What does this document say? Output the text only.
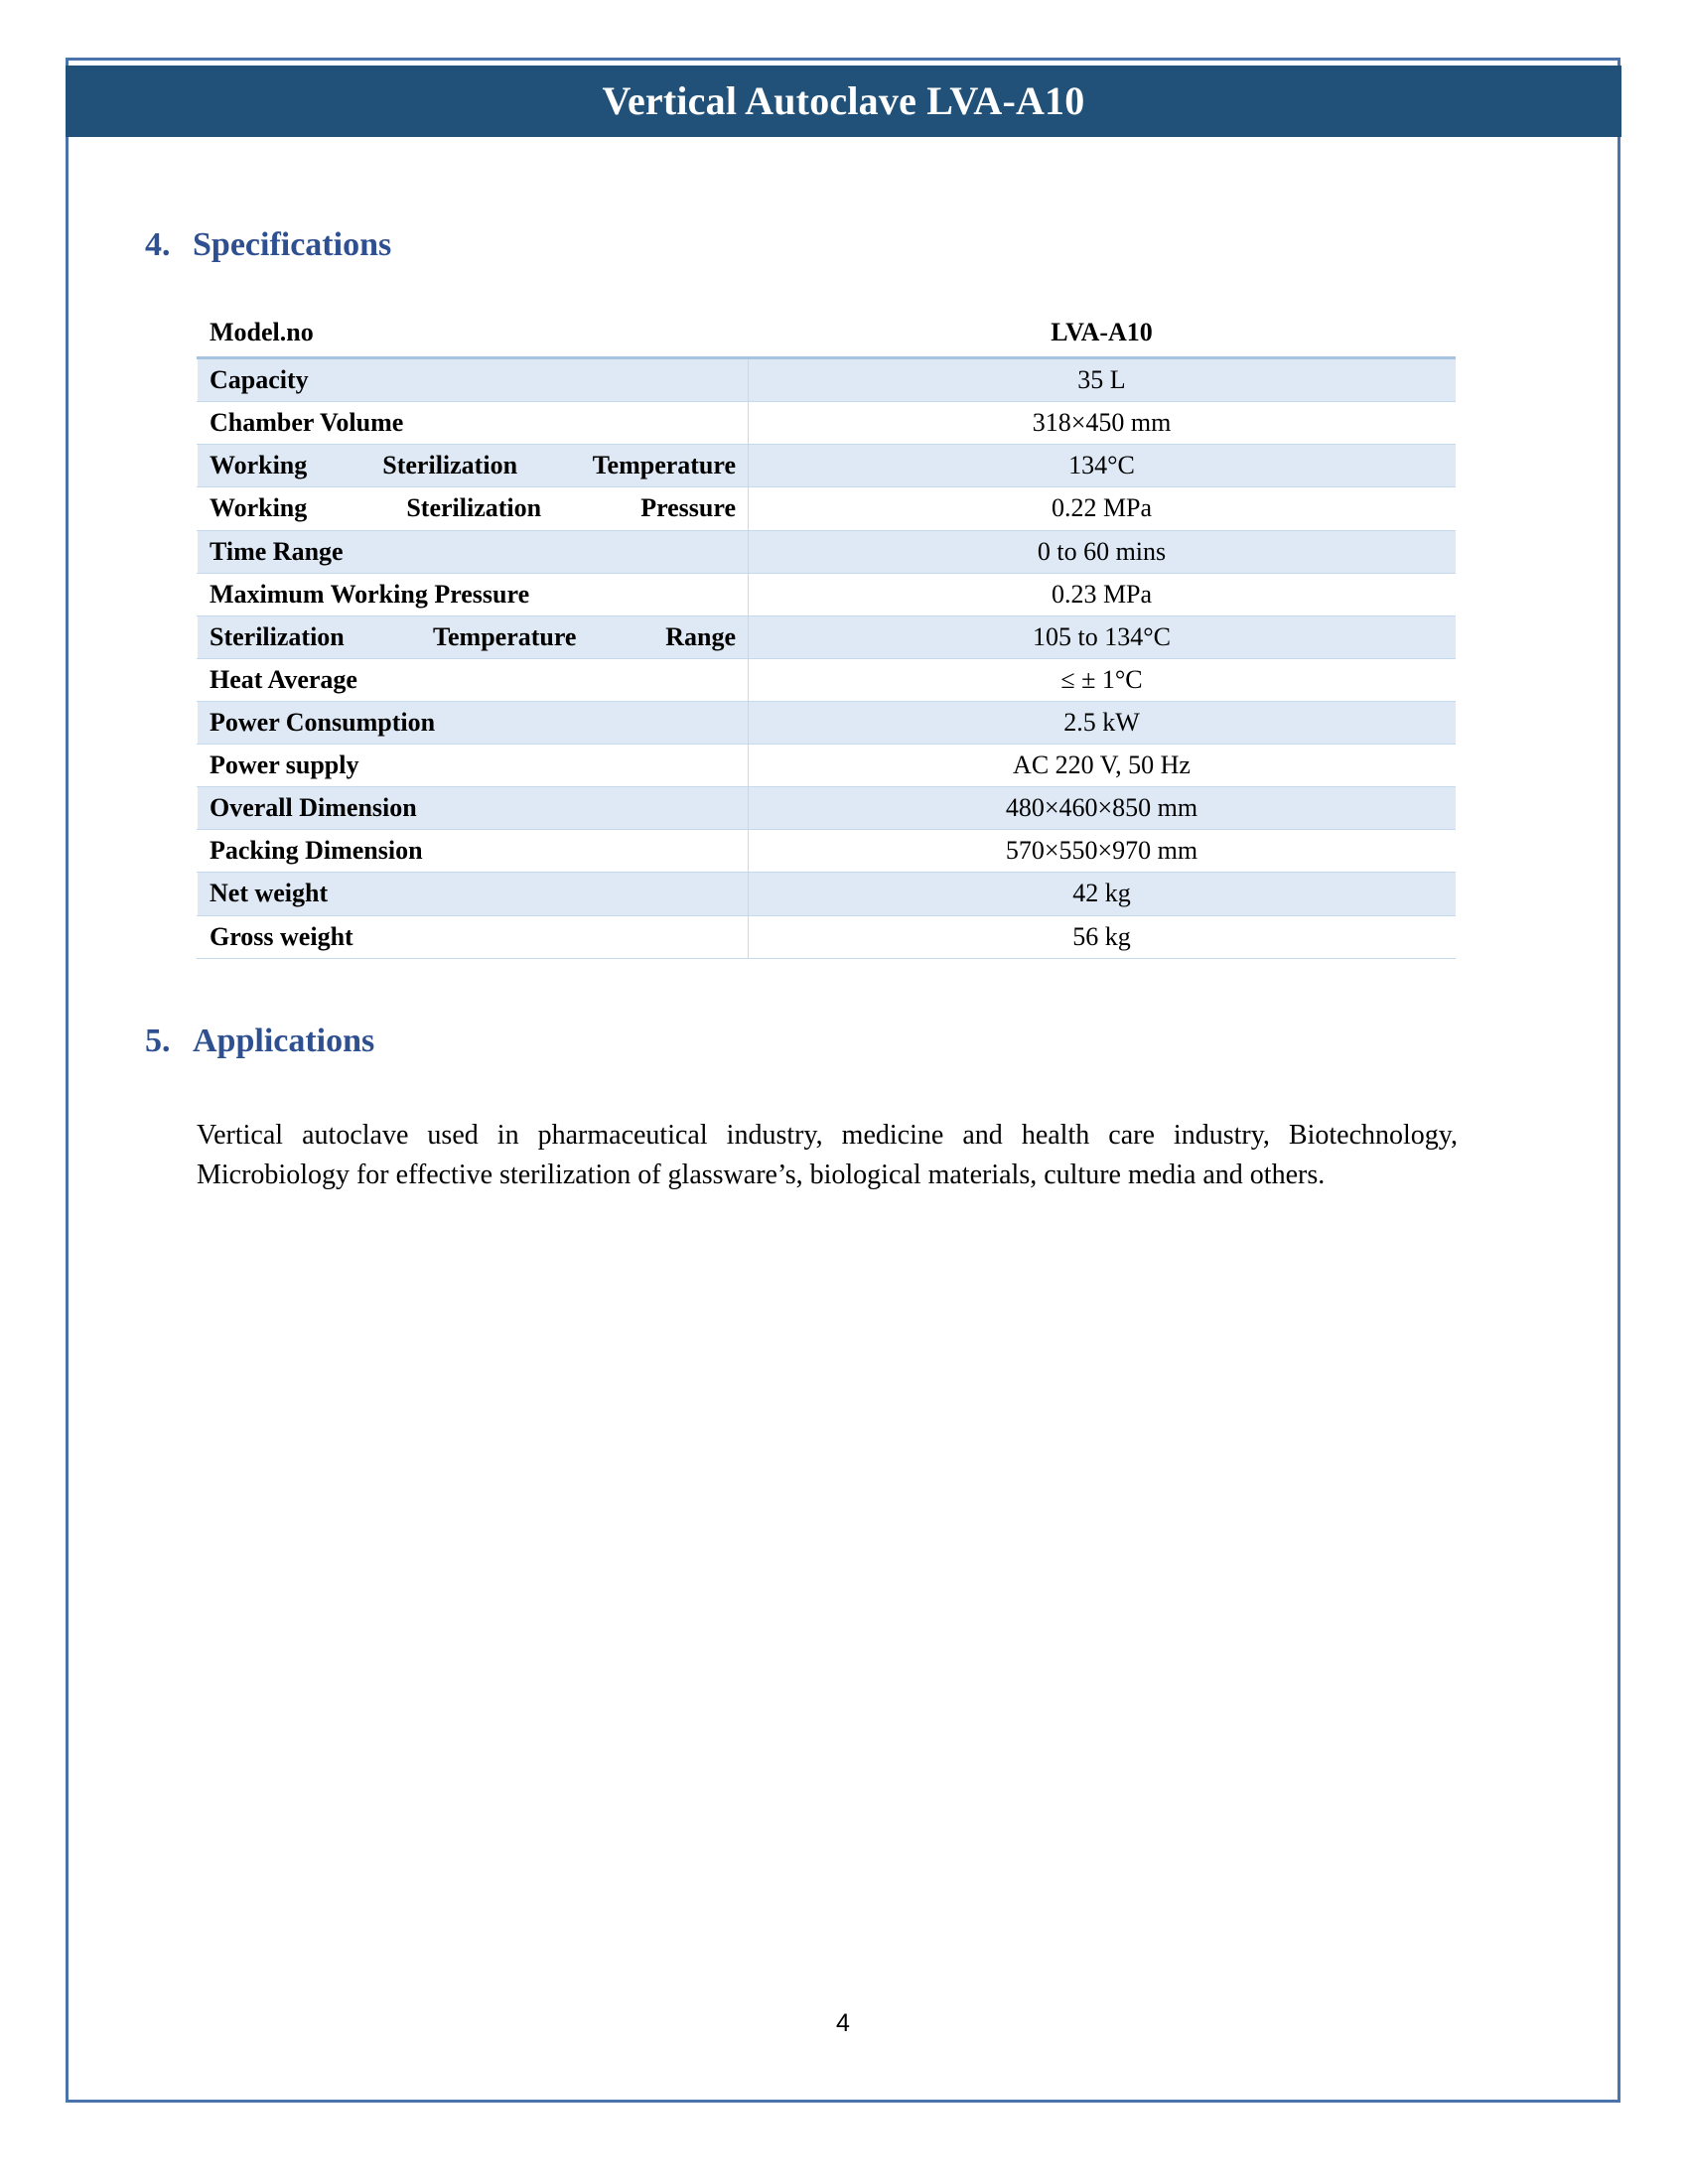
Vertical Autoclave LVA-A10
4. Specifications
Model.no	LVA-A10
Capacity	35 L
Chamber Volume	318×450 mm
Working Sterilization Temperature	134°C
Working Sterilization Pressure	0.22 MPa
Time Range	0 to 60 mins
Maximum Working Pressure	0.23 MPa
Sterilization Temperature Range	105 to 134°C
Heat Average	≤ ± 1°C
Power Consumption	2.5 kW
Power supply	AC 220 V, 50 Hz
Overall Dimension	480×460×850 mm
Packing Dimension	570×550×970 mm
Net weight	42 kg
Gross weight	56 kg
5. Applications

Vertical autoclave used in pharmaceutical industry, medicine and health care industry, Biotechnology, Microbiology for effective sterilization of glassware’s, biological materials, culture media and others.

4
